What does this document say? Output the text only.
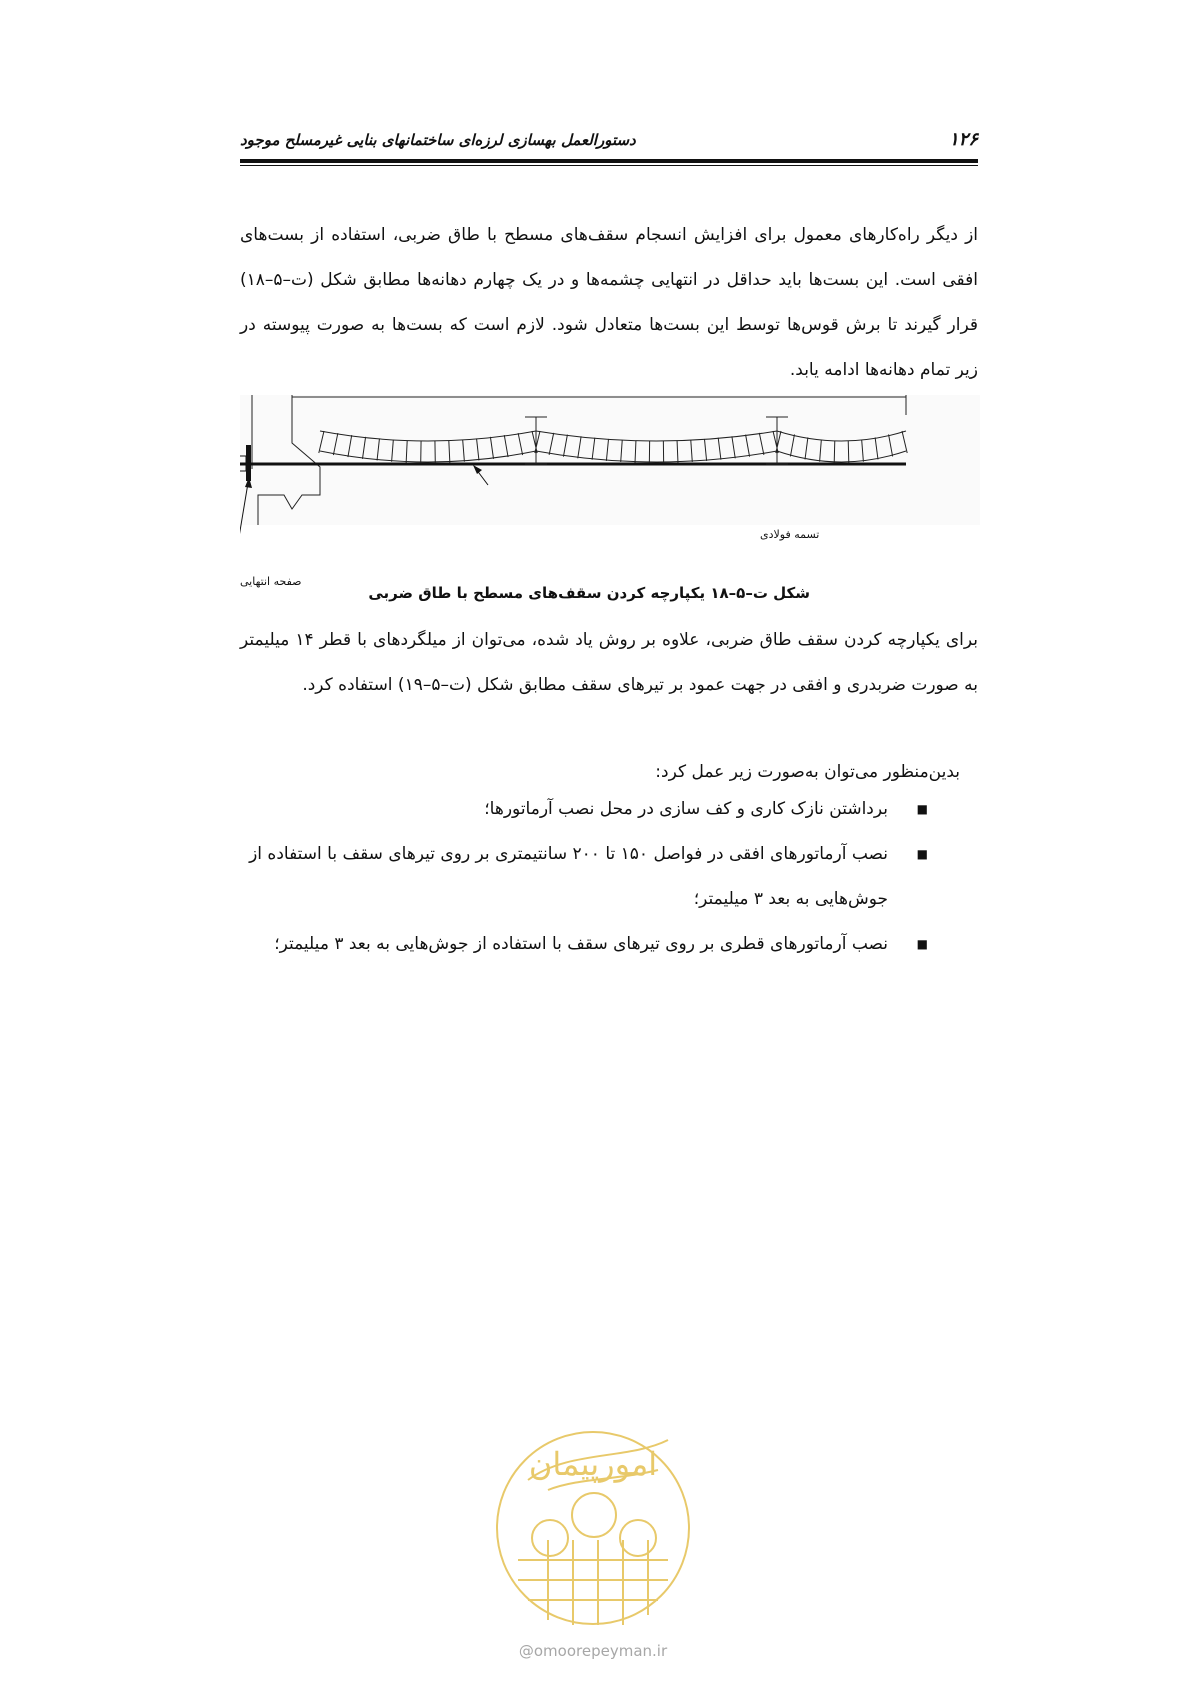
دستورالعمل بهسازی لرزه‌ای ساختمانهای بنایی غیرمسلح موجود	۱۲۶

از دیگر راه‌کارهای معمول برای افزایش انسجام سقف‌های مسطح با طاق ضربی، استفاده از بست‌های افقی است. این بست‌ها باید حداقل در انتهایی چشمه‌ها و در یک چهارم دهانه‌ها مطابق شکل (ت–۵–۱۸) قرار گیرند تا برش قوس‌ها توسط این بست‌ها متعادل شود. لازم است که بست‌ها به صورت پیوسته در زیر تمام دهانه‌ها ادامه یابد.

تسمه فولادی
صفحه انتهایی
شکل ت–۵–۱۸ یکپارچه کردن سقف‌های مسطح با طاق ضربی

برای یکپارچه کردن سقف طاق ضربی، علاوه بر روش یاد شده، می‌توان از میلگردهای با قطر ۱۴ میلیمتر به صورت ضربدری و افقی در جهت عمود بر تیرهای سقف مطابق شکل (ت–۵–۱۹) استفاده کرد.

بدین‌منظور می‌توان به‌صورت زیر عمل کرد:

■
برداشتن نازک کاری و کف سازی در محل نصب آرماتورها؛
■
نصب آرماتورهای افقی در فواصل ۱۵۰ تا ۲۰۰ سانتیمتری بر روی تیرهای سقف با استفاده از جوش‌هایی به بعد ۳ میلیمتر؛
■
نصب آرماتورهای قطری بر روی تیرهای سقف با استفاده از جوش‌هایی به بعد ۳ میلیمتر؛
امورپیمان
@omoorepeyman.ir
